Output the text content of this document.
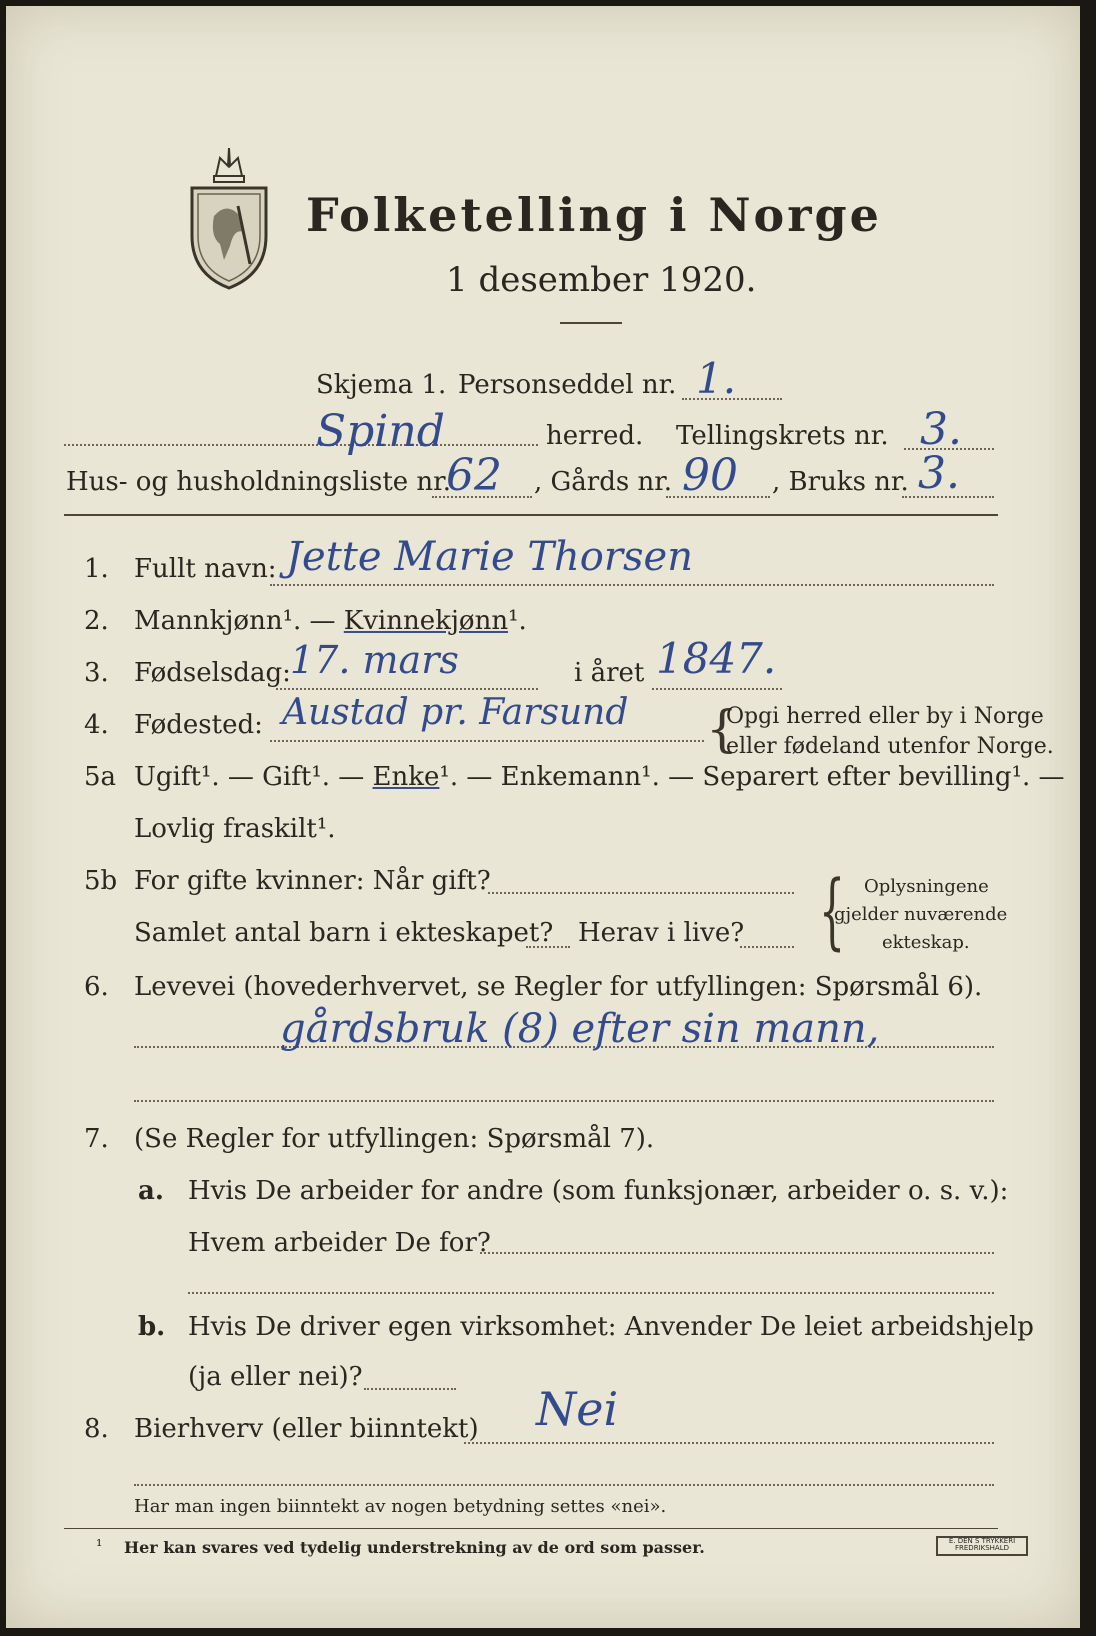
Folketelling i Norge
1 desember 1920.
Skjema 1. Personseddel nr. 1.
Spind	herred. Tellingskrets nr. 3.
Hus- og husholdningsliste nr.
62 , Gårds nr. 90 , Bruks nr. 3.
1. Fullt navn: Jette Marie Thorsen
2. Mannkjønn¹. — Kvinnekjønn¹.
3. Fødselsdag: 17. mars	i året 1847.
4. Fødested: Austad pr. Farsund {
Opgi herred eller by i Norge
eller fødeland utenfor Norge.
5a Ugift¹. — Gift¹. — Enke¹. — Enkemann¹. — Separert efter bevilling¹. —
Lovlig fraskilt¹.
5b For gifte kvinner: Når gift?
Samlet antal barn i ekteskapet? Herav i live? { Oplysningene
gjelder nuværende
ekteskap.
6. Levevei (hovederhvervet, se Regler for utfyllingen: Spørsmål 6).
gårdsbruk (8) efter sin mann,
7. (Se Regler for utfyllingen: Spørsmål 7).
a. Hvis De arbeider for andre (som funksjonær, arbeider o. s. v.):
Hvem arbeider De for?
b. Hvis De driver egen virksomhet: Anvender De leiet arbeidshjelp
(ja eller nei)?
8. Bierhverv (eller biinntekt) Nei
Har man ingen biinntekt av nogen betydning settes «nei».
¹ Her kan svares ved tydelig understrekning av de ord som passer.	E. DEN S TRYKKERI
FREDRIKSHALD
